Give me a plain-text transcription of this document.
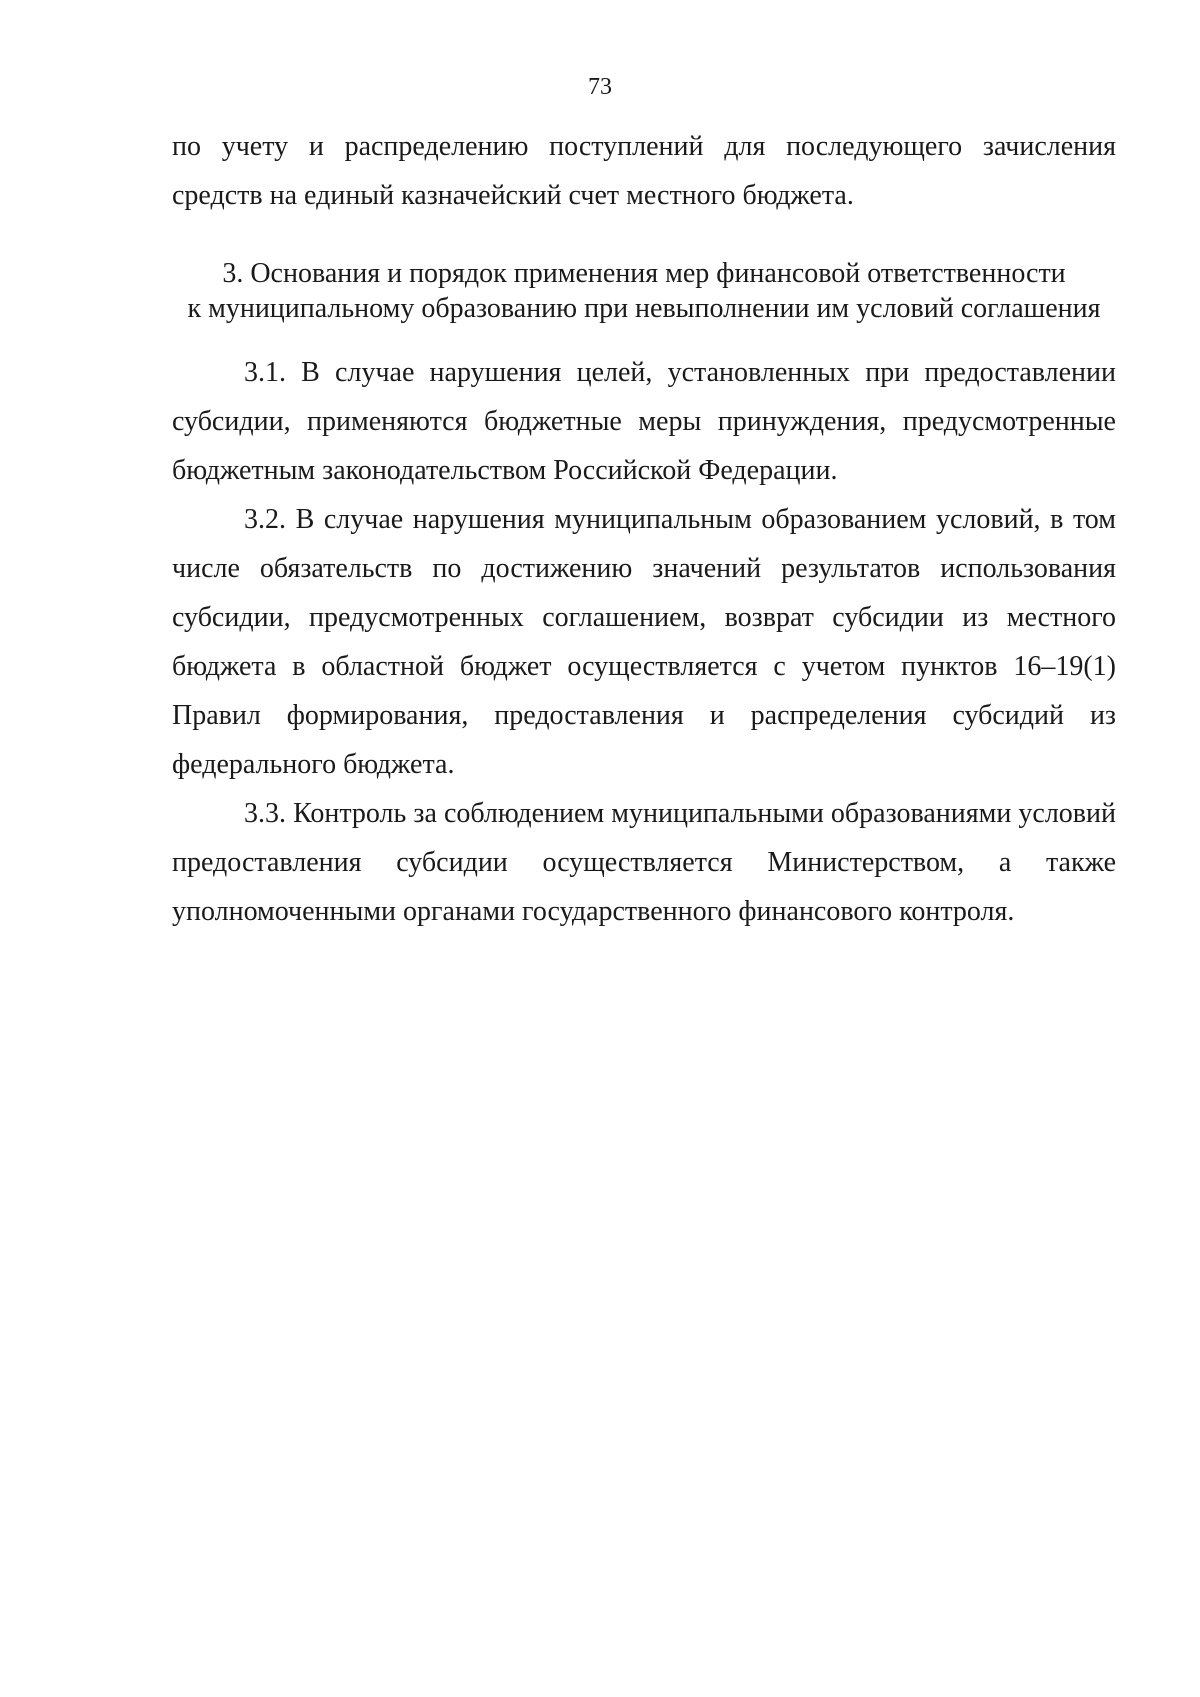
73

по учету и распределению поступлений для последующего зачисления средств на единый казначейский счет местного бюджета.

3. Основания и порядок применения мер финансовой ответственности
к муниципальному образованию при невыполнении им условий соглашения

3.1. В случае нарушения целей, установленных при предоставлении субсидии, применяются бюджетные меры принуждения, предусмотренные бюджетным законодательством Российской Федерации.

3.2. В случае нарушения муниципальным образованием условий, в том числе обязательств по достижению значений результатов использования субсидии, предусмотренных соглашением, возврат субсидии из местного бюджета в областной бюджет осуществляется с учетом пунктов 16–19(1) Правил формирования, предоставления и распределения субсидий из федерального бюджета.

3.3. Контроль за соблюдением муниципальными образованиями условий предоставления субсидии осуществляется Министерством, а также уполномоченными органами государственного финансового контроля.
